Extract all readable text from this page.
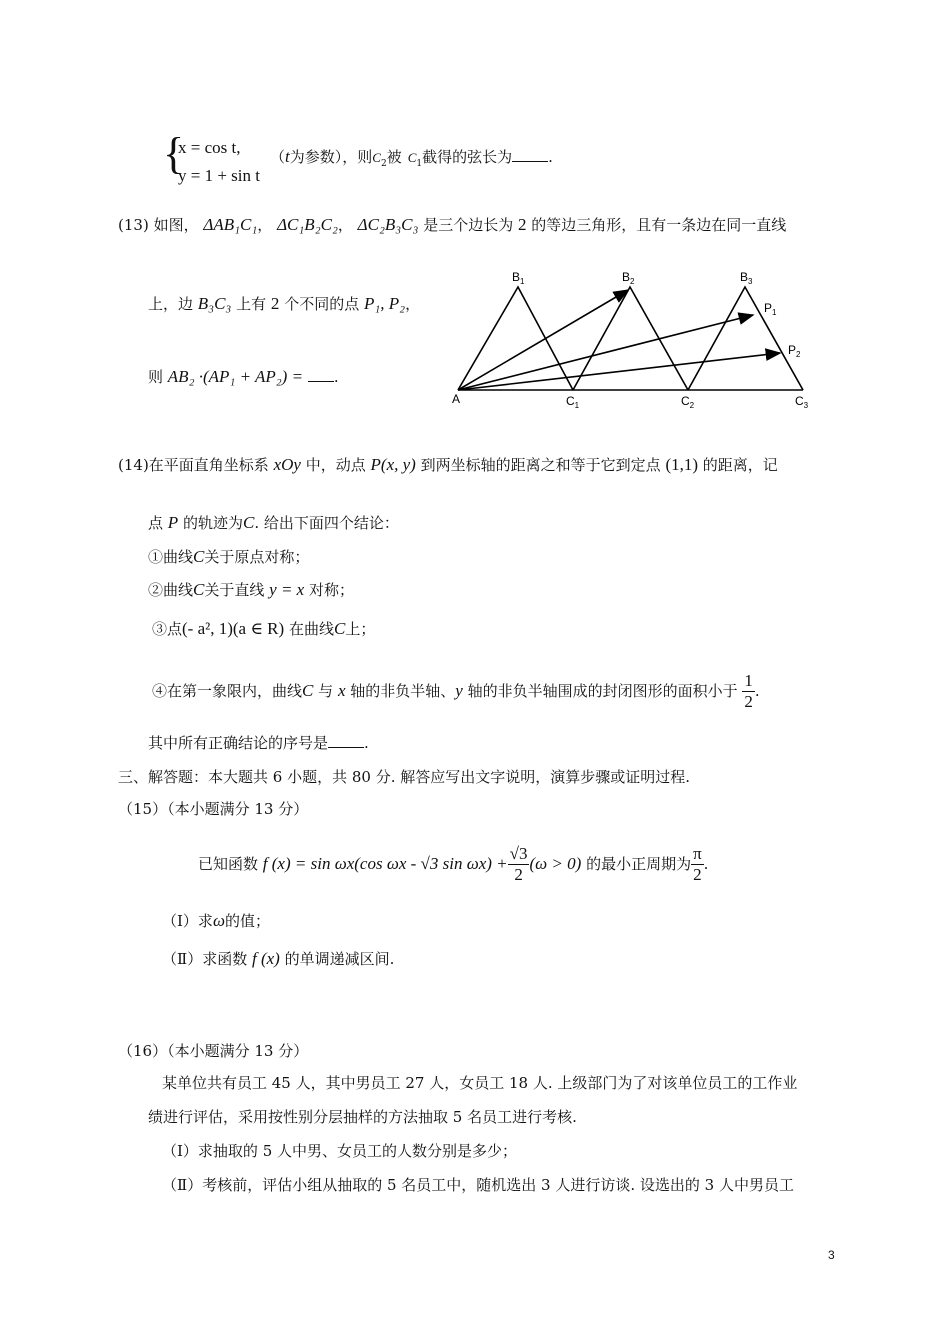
{
x = cos t,
y = 1 + sin t
（t为参数），则$C_2$被 $C_1$截得的弦长为 .
(13) 如图， ΔAB₁C₁， ΔC₁B₂C₂， ΔC₂B₃C₃ 是三个边长为 2 的等边三角形，且有一条边在同一直线
上，边 B₃C₃ 上有 2 个不同的点 P₁, P₂，
则 AB₂ ·(AP₁ + AP₂) = .
A
$B_1$	$B_2$	$B_3$
$C_1$	$C_2$	$C_3$
$P_1$
$P_2$
(14)在平面直角坐标系 xOy 中，动点 P(x, y) 到两坐标轴的距离之和等于它到定点 (1,1) 的距离，记
点 P 的轨迹为C. 给出下面四个结论：
①曲线C关于原点对称；
②曲线C关于直线 y = x 对称；
③点(- a², 1)(a ∈ R) 在曲线C上；
④在第一象限内，曲线C 与 x 轴的非负半轴、y 轴的非负半轴围成的封闭图形的面积小于 $\frac{1}{2}$ .
其中所有正确结论的序号是 .
三、解答题：本大题共 6 小题，共 80 分. 解答应写出文字说明，演算步骤或证明过程.
（15）（本小题满分 13 分）
已知函数 f (x) = sin ωx(cos ωx - √3 $\sin \omega x) + \frac{√3}{2} (\omega > 0)$ 的最小正周期为 $\frac{\pi}{2}$ .
（Ⅰ）求ω的值；
（Ⅱ）求函数 f (x) 的单调递减区间.
（16）（本小题满分 13 分）
某单位共有员工 45 人，其中男员工 27 人，女员工 18 人. 上级部门为了对该单位员工的工作业
绩进行评估，采用按性别分层抽样的方法抽取 5 名员工进行考核.
（Ⅰ）求抽取的 5 人中男、女员工的人数分别是多少；
（Ⅱ）考核前，评估小组从抽取的 5 名员工中，随机选出 3 人进行访谈. 设选出的 3 人中男员工
3
